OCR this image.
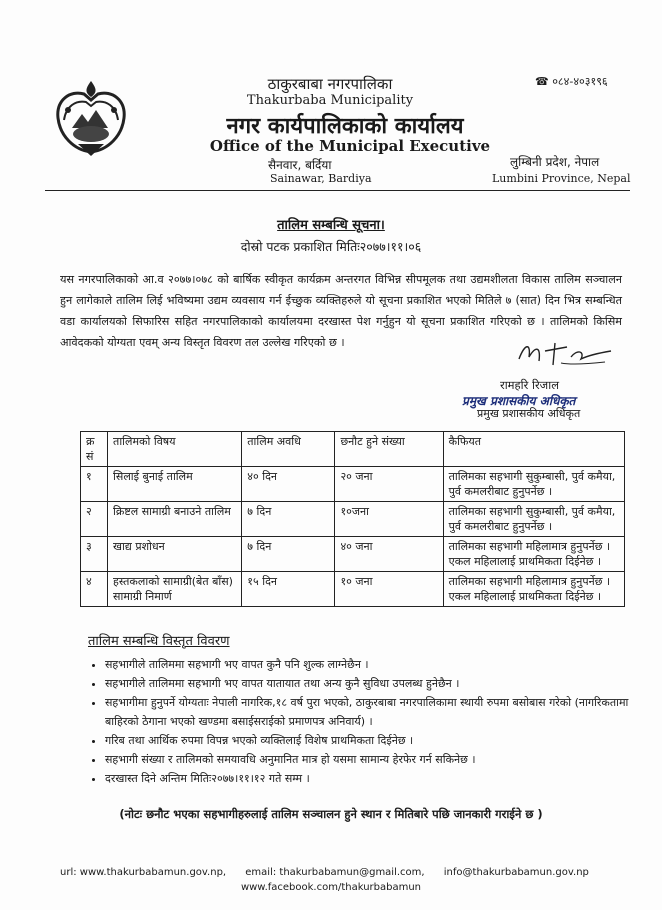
ठाकुरबाबा नगरपालिका
Thakurbaba Municipality
नगर कार्यपालिकाको कार्यालय
Office of the Municipal Executive
सैनवार, बर्दिया
Sainawar, Bardiya
☎ ०८४-४०३१९६
लुम्बिनी प्रदेश, नेपाल
Lumbini Province, Nepal
तालिम सम्बन्धि सूचना।
दोस्रो पटक प्रकाशित मितिः२०७७।११।०६
यस नगरपालिकाको आ.व २०७७।०७८ को बार्षिक स्वीकृत कार्यक्रम अन्तरगत विभिन्न सीपमूलक तथा उद्यमशीलता विकास तालिम सञ्चालन हुन लागेकाले तालिम लिई भविष्यमा उद्यम व्यवसाय गर्न ईच्छुक व्यक्तिहरुले यो सूचना प्रकाशित भएको मितिले ७ (सात) दिन भित्र सम्बन्धित वडा कार्यालयको सिफारिस सहित नगरपालिकाको कार्यालयमा दरखास्त पेश गर्नुहुन यो सूचना प्रकाशित गरिएको छ । तालिमको किसिम आवेदकको योग्यता एवम् अन्य विस्तृत विवरण तल उल्लेख गरिएको छ ।
रामहरि रिजाल
प्रमुख प्रशासकीय अधिकृत
प्रमुख प्रशासकीय अधिकृत
क्र सं	तालिमको विषय	तालिम अवधि	छनौट हुने संख्या	कैफियत
१	सिलाई बुनाई तालिम	४० दिन	२० जना	तालिमका सहभागी सुकुम्बासी, पुर्व कमैया, पुर्व कमलरीबाट हुनुपर्नेछ ।
२	क्रिष्टल सामाग्री बनाउने तालिम	७ दिन	१०जना	तालिमका सहभागी सुकुम्बासी, पुर्व कमैया, पुर्व कमलरीबाट हुनुपर्नेछ ।
३	खाद्य प्रशोधन	७ दिन	४० जना	तालिमका सहभागी महिलामात्र हुनुपर्नेछ ।एकल महिलालाई प्राथमिकता दिईनेछ ।
४	हस्तकलाको सामाग्री(बेत बाँस) सामाग्री निमार्ण	१५ दिन	१० जना	तालिमका सहभागी महिलामात्र हुनुपर्नेछ ।एकल महिलालाई प्राथमिकता दिईनेछ ।
तालिम सम्बन्धि विस्तृत विवरण
• सहभागीले तालिममा सहभागी भए वापत कुनै पनि शुल्क लाग्नेछैन ।
• सहभागीले तालिममा सहभागी भए वापत यातायात तथा अन्य कुनै सुविधा उपलब्ध हुनेछैन ।
• सहभागीमा हुनुपर्ने योग्यताः नेपाली नागरिक,१८ वर्ष पुरा भएको, ठाकुरबाबा नगरपालिकामा स्थायी रुपमा बसोबास गरेको (नागरिकतामा बाहिरको ठेगाना भएको खण्डमा बसाईसराईको प्रमाणपत्र अनिवार्य) ।
• गरिब तथा आर्थिक रुपमा विपन्न भएको व्यक्तिलाई विशेष प्राथमिकता दिईनेछ ।
• सहभागी संख्या र तालिमको समयावधि अनुमानित मात्र हो यसमा सामान्य हेरफेर गर्न सकिनेछ ।
• दरखास्त दिने अन्तिम मितिः२०७७।११।१२ गते सम्म ।
(नोटः छनौट भएका सहभागीहरुलाई तालिम सञ्चालन हुने स्थान र मितिबारे पछि जानकारी गराईने छ )
url: www.thakurbabamun.gov.np, email: thakurbabamun@gmail.com, info@thakurbabamun.gov.np
www.facebook.com/thakurbabamun
